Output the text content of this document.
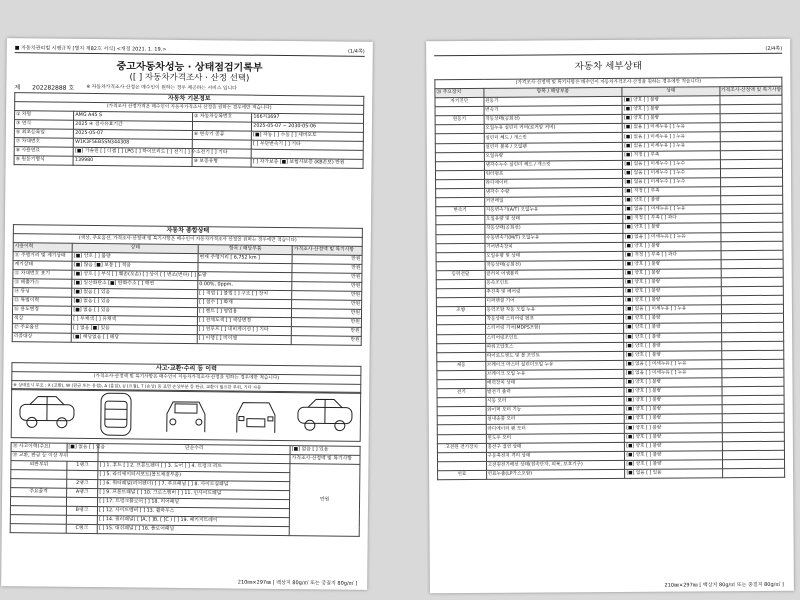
■ 자동차관리법 시행규칙 [별지 제82호 서식] <개정 2021. 1. 19.>	(1/4쪽)
중고자동차성능 · 상태점검기록부
([ ] 자동차가격조사 · 산정 선택)
제 202282888 호 ※ 자동차가격조사·산정은 매수인이 원하는 경우 제공하는 서비스 입니다
자동차 기본정보			
(가격조사 산정가격은 매수인이 자동차가격조사 산정을 원하는 경우에만 적습니다)			
① 차명	AMG A45 S	② 자동차등록번호	166저3697
③ 연식	2025 ④ 검사유효기간		2025-05-07 ~ 2030-05-06
⑤ 최초등록일	2025-05-07	⑥ 변속기 종류	[■] 자동 [ ] 수동 [ ] 세미오토
⑦ 차대번호	W1K3F5EB5SN344308		[ ] 무단변속기 [ ] 기타
⑧ 사용연료	[■] 가솔린 [ ] 디젤 [ ] LPG [ ] 하이브리드 [ ] 전기 [ ] 수소전기 [ ] 기타		
⑨ 원동기형식	139980	⑩ 보증유형	[ ] 자가보증 [■] 보험사보증 (KB손보) 만원
자동차 종합상태			
(색상, 주요옵션, 가격조사·산정액 및 특기사항은 매수인이 자동차가격조사 산정을 원하는 경우에만 적습니다)			
사용이력	상태	항목 / 해당부품	가격조사·산정액 및 특기사항
⑪ 주행거리 및 계기상태	[■] 양호 [ ] 불량	현재 주행거리 [ 6,752 km ]	만원
계기상태	[■] 많음 [■] 보통 [ ] 적음		만원
⑫ 차대번호 표기	[■] 양호 [ ] 부식 [ ] 훼손(오손) [ ] 상이 [ ] 변조(변타) [ ] 도말		만원
⑬ 배출가스	[■] 일산화탄소 [■] 탄화수소 [ ] 매연	0.00%, 0ppm,	만원
⑭ 튜닝	[■] 없음 [ ] 있음	[ ] 적법 [ ] 불법 [ ] 구조 [ ] 장치	만원
⑮ 특별이력	[■] 없음 [ ] 있음	[ ] 침수 [ ] 화재	만원
⑯ 용도변경	[■] 없음 [ ] 있음	[ ] 렌트 [ ] 영업용	만원
색상	[ ] 무채색 [ ] 유채색	[ ] 전체도색 [ ] 색상변경	만원
⑰ 주요옵션	[ ] 없음 [■] 있음	[ ] 썬루프 [ ] 네비게이션 [ ] 기타	만원
리콜대상	[■] 해당없음 [ ] 해당	[ ] 이행 [ ] 미이행	만원
사고·교환·수리 등 이력
(가격조사·산정액 및 특기사항은 매수인이 자동차가격조사·산정을 원하는 경우에만 적습니다)
※ 상태표시 부호 : X (교환), W (판금 또는 용접), A (흠집), U (요철), T (손상) 등 표면 손상부분 등 판금, 교환이 필요한 부위, 기타 자동
⑱ 사고이력(주요)	[■] 없음 [ ] 있음	단순수리	[■] 없음 [ ] 있음
⑲ 교환, 판금 등 이상 부위			가격조사·산정액 및 특기사항
외판부위	1랭크	[ ] 1. 후드 [ ] 2. 프론트펜더 [ ] 3. 도어 [ ] 4. 트렁크 리드	만원
		[ ] 5. 라디에이터서포트(볼트체결부품)	
	2랭크	[ ] 6. 쿼터패널(리어펜더) [ ] 7. 루프패널 [ ] 8. 사이드실패널	
주요골격	A랭크	[ ] 9. 프론트패널 [ ] 10. 크로스멤버 [ ] 11. 인사이드패널	
		[ ] 17. 트렁크플로어 [ ] 18. 리어패널	
	B랭크	[ ] 12. 사이드멤버 [ ] 13. 휠하우스	
		[ ] 14. 필러패널( [ ]A, [ ]B, [ ]C ) [ ] 19. 패키지트레이	
	C랭크	[ ] 15. 대쉬패널 [ ] 16. 플로어패널	
210㎜×297㎜ [ 백상지 80g/㎡ 또는 중질지 80g/㎡ ]
(2/4쪽)
자동차 세부상태
(가격조사·산정액 및 특기사항은 매수인이 자동차가격조사·산정을 원하는 경우에만 적습니다)			
⑳ 주요장치	항목 / 해당부품	상태	가격조사·산정액 및 특기사항
자기진단	원동기	[■] 양호 [ ] 불량	
	변속기	[■] 양호 [ ] 불량	
원동기	작동상태(공회전)	[■] 양호 [ ] 불량	
	오일누유 실린더 커버(로커암 커버)	[■] 없음 [ ] 미세누유 [ ] 누유	
	실린더 헤드 / 개스킷	[■] 없음 [ ] 미세누유 [ ] 누유	
	실린더 블록 / 오일팬	[■] 없음 [ ] 미세누유 [ ] 누유	
	오일유량	[■] 적정 [ ] 부족	
	냉각수누수 실린더 헤드 / 개스킷	[■] 없음 [ ] 미세누수 [ ] 누수	
	워터펌프	[■] 없음 [ ] 미세누수 [ ] 누수	
	라디에이터	[■] 없음 [ ] 미세누수 [ ] 누수	
	냉각수 수량	[■] 적정 [ ] 부족	
	커먼레일	[■] 양호 [ ] 불량	
변속기	자동변속기(A/T) 오일누유	[■] 없음 [ ] 미세누유 [ ] 누유	
	오일유량 및 상태	[■] 적정 [ ] 부족 [ ] 과다	
	작동상태(공회전)	[■] 양호 [ ] 불량	
	수동변속기(M/T) 오일누유	[■] 없음 [ ] 미세누유 [ ] 누유	
	기어변속장치	[■] 양호 [ ] 불량	
	오일유량 및 상태	[■] 적정 [ ] 부족 [ ] 과다	
	작동상태(공회전)	[■] 양호 [ ] 불량	
동력전달	클러치 어셈블리	[■] 양호 [ ] 불량	
	등속조인트	[■] 양호 [ ] 불량	
	추진축 및 베어링	[■] 양호 [ ] 불량	
	디퍼렌셜 기어	[■] 양호 [ ] 불량	
조향	동력조향 작동 오일 누유	[■] 없음 [ ] 미세누유 [ ] 누유	
	작동상태 스티어링 펌프	[■] 양호 [ ] 불량	
	스티어링 기어(MDPS포함)	[■] 양호 [ ] 불량	
	스티어링조인트	[■] 양호 [ ] 불량	
	파워고압호스	[■] 양호 [ ] 불량	
	타이로드엔드 및 볼 조인트	[■] 양호 [ ] 불량	
제동	브레이크 마스터 실린더오일 누유	[■] 없음 [ ] 미세누유 [ ] 누유	
	브레이크 오일 누유	[■] 없음 [ ] 미세누유 [ ] 누유	
	배력장치 상태	[■] 양호 [ ] 불량	
전기	발전기 출력	[■] 양호 [ ] 불량	
	시동 모터	[■] 양호 [ ] 불량	
	와이퍼 모터 기능	[■] 양호 [ ] 불량	
	실내송풍 모터	[■] 양호 [ ] 불량	
	라디에이터 팬 모터	[■] 양호 [ ] 불량	
	윈도우 모터	[■] 양호 [ ] 불량	
고전원 전기장치	충전구 절연 상태	[■] 양호 [ ] 불량	
	구동축전지 격리 상태	[■] 양호 [ ] 불량	
	고전원전기배선 상태(접속단자, 피복, 보호기구)	[■] 양호 [ ] 불량	
연료	연료누출(LP가스포함)	[■] 없음 [ ] 있음	
210㎜×297㎜ [ 백상지 80g/㎡ 또는 중질지 80g/㎡ ]
